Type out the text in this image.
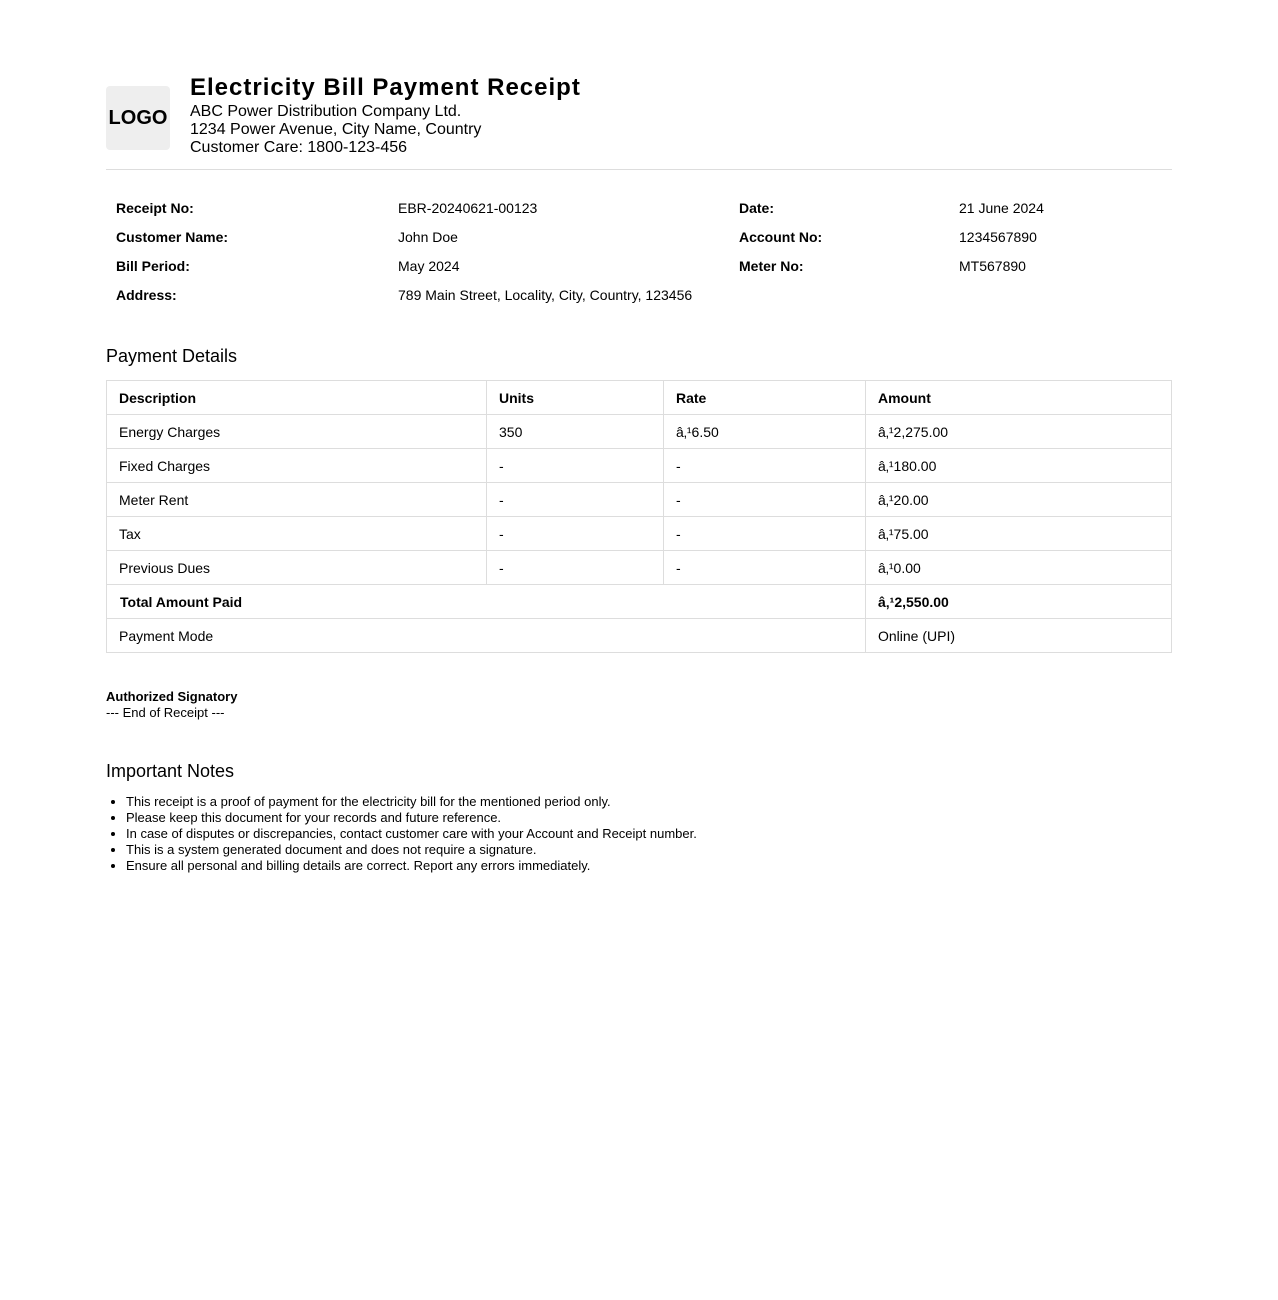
LOGO
Electricity Bill Payment Receipt
ABC Power Distribution Company Ltd.
1234 Power Avenue, City Name, Country
Customer Care: 1800-123-456
Receipt No:	EBR-20240621-00123	Date:	21 June 2024
Customer Name:	John Doe	Account No:	1234567890
Bill Period:	May 2024	Meter No:	MT567890
Address:	789 Main Street, Locality, City, Country, 123456		
Payment Details
Description	Units	Rate	Amount
Energy Charges	350	â‚¹6.50	â‚¹2,275.00
Fixed Charges	-	-	â‚¹180.00
Meter Rent	-	-	â‚¹20.00
Tax	-	-	â‚¹75.00
Previous Dues	-	-	â‚¹0.00
Total Amount Paid			â‚¹2,550.00
Payment Mode			Online (UPI)
Authorized Signatory
--- End of Receipt ---
Important Notes
• This receipt is a proof of payment for the electricity bill for the mentioned period only.
• Please keep this document for your records and future reference.
• In case of disputes or discrepancies, contact customer care with your Account and Receipt number.
• This is a system generated document and does not require a signature.
• Ensure all personal and billing details are correct. Report any errors immediately.
